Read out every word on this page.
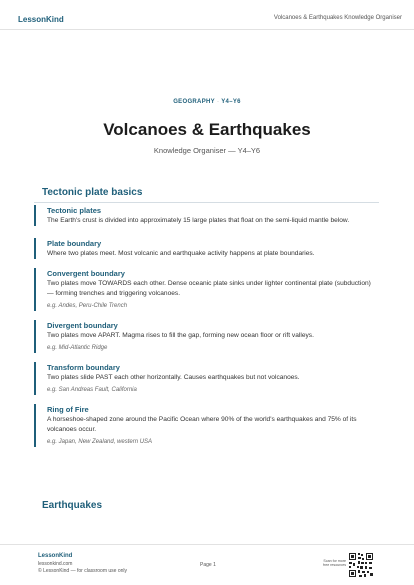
LessonKind	Volcanoes & Earthquakes Knowledge Organiser
GEOGRAPHY · Y4–Y6
Volcanoes & Earthquakes
Knowledge Organiser — Y4–Y6
Tectonic plate basics
Tectonic plates
The Earth's crust is divided into approximately 15 large plates that float on the semi-liquid mantle below.
Plate boundary
Where two plates meet. Most volcanic and earthquake activity happens at plate boundaries.
Convergent boundary
Two plates move TOWARDS each other. Dense oceanic plate sinks under lighter continental plate (subduction) — forming trenches and triggering volcanoes.
e.g. Andes, Peru-Chile Trench
Divergent boundary
Two plates move APART. Magma rises to fill the gap, forming new ocean floor or rift valleys.
e.g. Mid-Atlantic Ridge
Transform boundary
Two plates slide PAST each other horizontally. Causes earthquakes but not volcanoes.
e.g. San Andreas Fault, California
Ring of Fire
A horseshoe-shaped zone around the Pacific Ocean where 90% of the world's earthquakes and 75% of its volcanoes occur.
e.g. Japan, New Zealand, western USA
Earthquakes
LessonKind
lessonkind.com
© LessonKind — for classroom use only
Page 1
Scan for more free resources
